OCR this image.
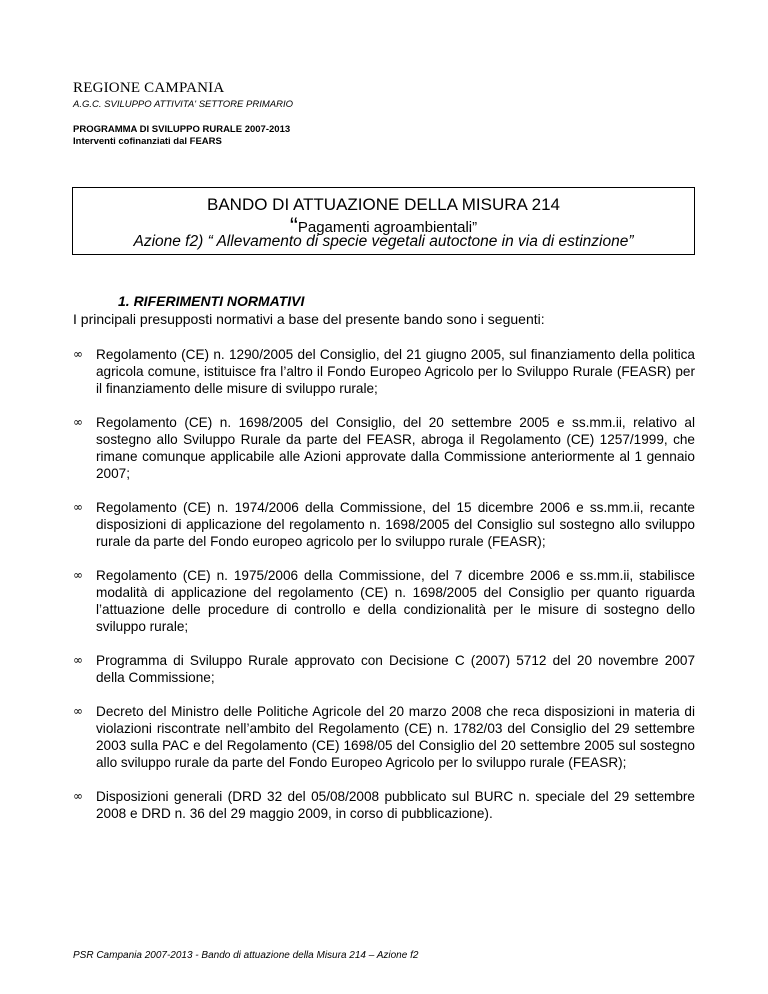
REGIONE CAMPANIA
A.G.C. SVILUPPO ATTIVITA' SETTORE PRIMARIO
PROGRAMMA DI SVILUPPO RURALE 2007-2013
Interventi cofinanziati dal FEARS
BANDO DI ATTUAZIONE DELLA MISURA 214
“Pagamenti agroambientali”
Azione f2) “ Allevamento di specie vegetali autoctone in via di estinzione”
1. RIFERIMENTI NORMATIVI
I principali presupposti normativi a base del presente bando sono i seguenti:
∞ Regolamento (CE) n. 1290/2005 del Consiglio, del 21 giugno 2005, sul finanziamento della politica agricola comune, istituisce fra l’altro il Fondo Europeo Agricolo per lo Sviluppo Rurale (FEASR) per il finanziamento delle misure di sviluppo rurale;
∞ Regolamento (CE) n. 1698/2005 del Consiglio, del 20 settembre 2005 e ss.mm.ii, relativo al sostegno allo Sviluppo Rurale da parte del FEASR, abroga il Regolamento (CE) 1257/1999, che rimane comunque applicabile alle Azioni approvate dalla Commissione anteriormente al 1 gennaio 2007;
∞ Regolamento (CE) n. 1974/2006 della Commissione, del 15 dicembre 2006 e ss.mm.ii, recante disposizioni di applicazione del regolamento n. 1698/2005 del Consiglio sul sostegno allo sviluppo rurale da parte del Fondo europeo agricolo per lo sviluppo rurale (FEASR);
∞ Regolamento (CE) n. 1975/2006 della Commissione, del 7 dicembre 2006 e ss.mm.ii, stabilisce modalità di applicazione del regolamento (CE) n. 1698/2005 del Consiglio per quanto riguarda l’attuazione delle procedure di controllo e della condizionalità per le misure di sostegno dello sviluppo rurale;
∞ Programma di Sviluppo Rurale approvato con Decisione C (2007) 5712 del 20 novembre 2007 della Commissione;
∞ Decreto del Ministro delle Politiche Agricole del 20 marzo 2008 che reca disposizioni in materia di violazioni riscontrate nell’ambito del Regolamento (CE) n. 1782/03 del Consiglio del 29 settembre 2003 sulla PAC e del Regolamento (CE) 1698/05 del Consiglio del 20 settembre 2005 sul sostegno allo sviluppo rurale da parte del Fondo Europeo Agricolo per lo sviluppo rurale (FEASR);
∞ Disposizioni generali (DRD 32 del 05/08/2008 pubblicato sul BURC n. speciale del 29 settembre 2008 e DRD n. 36 del 29 maggio 2009, in corso di pubblicazione).
PSR Campania 2007-2013 - Bando di attuazione della Misura 214 – Azione f2
